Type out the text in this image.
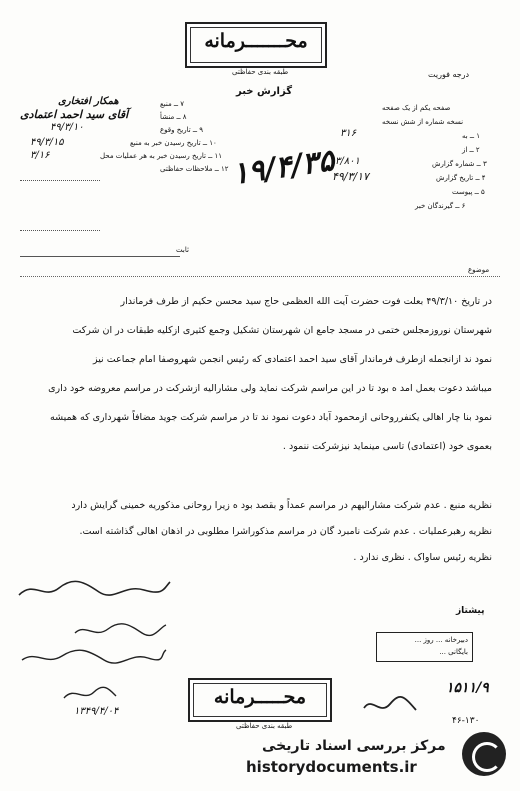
محـــــــرمانه
طبقه بندی حفاظتی	درجه فوریت
گزارش خبر
۷ ــ منبع
۸ ــ منشأ
۹ ــ تاریخ وقوع
۱۰ ــ تاریخ رسیدن خبر به منبع
۱۱ ــ تاریخ رسیدن خبر به هر عملیات محل
۱۲ ــ ملاحظات حفاظتی
همکار افتخاری
آقای سید احمد اعتمادی
۴۹/۳/۱۰
۴۹/۳/۱۵
۳/۱۶
صفحه یکم از یک صفحه
نسخه شماره از شش نسخه
۱ ــ به
۲ ــ از
۳ ــ شماره گزارش
۴ ــ تاریخ گزارش
۵ ــ پیوست
۶ ــ گیرندگان خبر
۳۱۶
۳/۸۰۱
۴۹/۳/۱۷
۱۹/۴/۳۵
ثابت
موضوع
در تاریخ ۴۹/۳/۱۰ بعلت فوت حضرت آیت الله العظمی حاج سید محسن حکیم از طرف فرماندار
شهرستان نوروزمجلس ختمی در مسجد جامع ان شهرستان تشکیل وجمع کثیری ازکلیه طبقات در ان شرکت
نمود ند ازانجمله ازطرف فرماندار آقای سید احمد اعتمادی که رئیس انجمن شهروصفا امام جماعت نیز
میباشد دعوت بعمل امد ه بود تا در این مراسم شرکت نماید ولی مشارالیه ازشرکت در مراسم معروضه خود داری
نمود بنا چار اهالی یکنفرروحانی ازمحمود آباد دعوت نمود ند تا در مراسم شرکت جوید مضافاً شهرداری که همیشه
بعموی خود (اعتمادی) تاسی مینماید نیزشرکت ننمود .
نظریه منبع . عدم شرکت مشارالیهم در مراسم عمداً و بقصد بود ه زیرا روحانی مذکوریه خمینی گرایش دارد
نظریه رهبرعملیات . عدم شرکت نامبرد گان در مراسم مذکوراشرا مطلوبی در اذهان اهالی گذاشته است.
نظریه رئیس ساواک . نظری ندارد .
۱۳۴۹/۴/۰۴
پیشتاز
دبیرخانه ... روز ...
بایگانی ...
۱۵۱۱/۹
۴۶-۱۳۰
محـــــرمانه
طبقه بندی حفاظتی
مرکز بررسی اسناد تاریخی
historydocuments.ir
